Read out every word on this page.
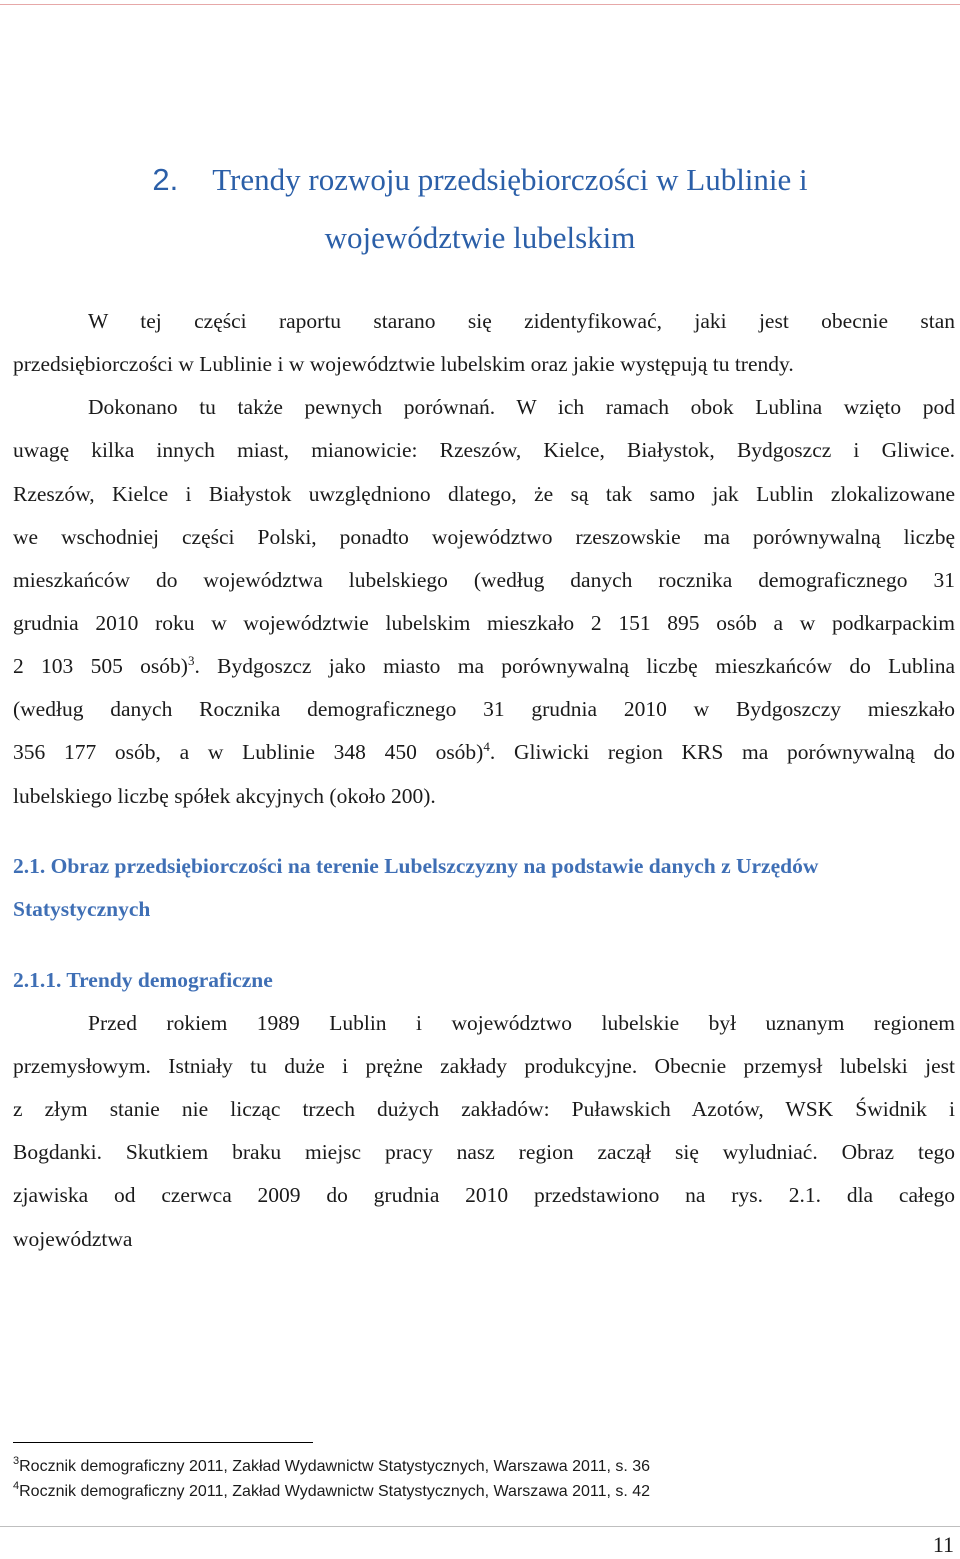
2. Trendy rozwoju przedsiębiorczości w Lublinie i
województwie lubelskim
W tej części raportu starano się zidentyfikować, jaki jest obecnie stan
przedsiębiorczości w Lublinie i w województwie lubelskim oraz jakie występują tu trendy.
Dokonano tu także pewnych porównań. W ich ramach obok Lublina wzięto pod
uwagę kilka innych miast, mianowicie: Rzeszów, Kielce, Białystok, Bydgoszcz i Gliwice.
Rzeszów, Kielce i Białystok uwzględniono dlatego, że są tak samo jak Lublin zlokalizowane
we wschodniej części Polski, ponadto województwo rzeszowskie ma porównywalną liczbę
mieszkańców do województwa lubelskiego (według danych rocznika demograficznego 31
grudnia 2010 roku w województwie lubelskim mieszkało 2 151 895 osób a w podkarpackim
2 103 505 osób)$^3$. Bydgoszcz jako miasto ma porównywalną liczbę mieszkańców do Lublina
(według danych Rocznika demograficznego 31 grudnia 2010 w Bydgoszczy mieszkało
356 177 osób, a w Lublinie 348 450 osób)$^4$. Gliwicki region KRS ma porównywalną do
lubelskiego liczbę spółek akcyjnych (około 200).
2.1. Obraz przedsiębiorczości na terenie Lubelszczyzny na podstawie danych z Urzędów
Statystycznych
2.1.1. Trendy demograficzne
Przed rokiem 1989 Lublin i województwo lubelskie był uznanym regionem
przemysłowym. Istniały tu duże i prężne zakłady produkcyjne. Obecnie przemysł lubelski jest
z złym stanie nie licząc trzech dużych zakładów: Puławskich Azotów, WSK Świdnik i
Bogdanki. Skutkiem braku miejsc pracy nasz region zaczął się wyludniać. Obraz tego
zjawiska od czerwca 2009 do grudnia 2010 przedstawiono na rys. 2.1. dla całego
województwa
$^3$Rocznik demograficzny 2011, Zakład Wydawnictw Statystycznych, Warszawa 2011, s. 36
$^4$Rocznik demograficzny 2011, Zakład Wydawnictw Statystycznych, Warszawa 2011, s. 42
11
